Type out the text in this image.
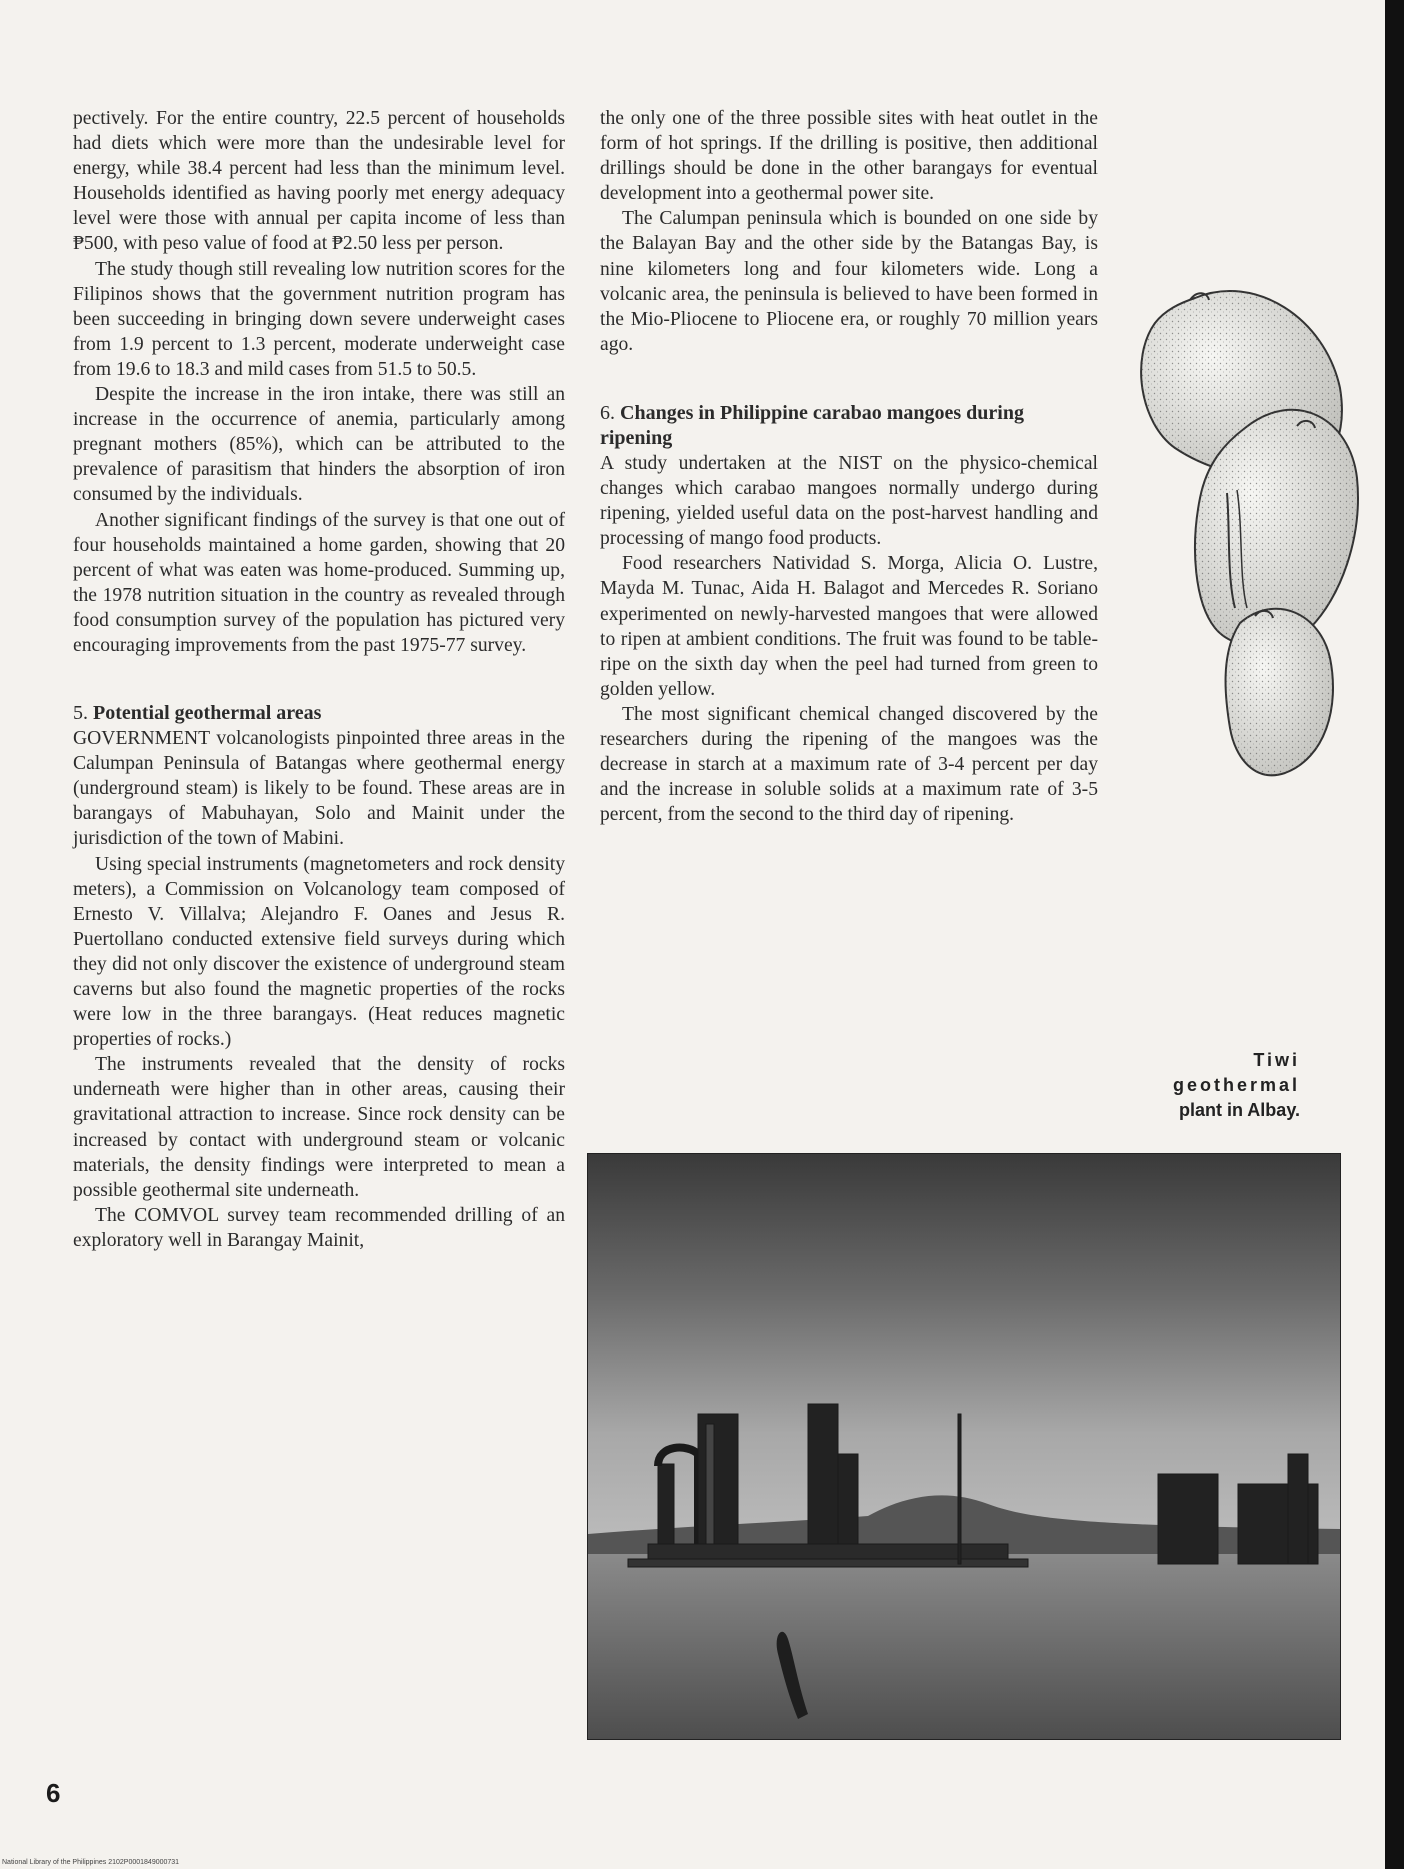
pectively. For the entire country, 22.5 percent of households had diets which were more than the undesirable level for energy, while 38.4 percent had less than the minimum level. Households identified as having poorly met energy adequacy level were those with annual per capita income of less than ₱500, with peso value of food at ₱2.50 less per person.

The study though still revealing low nutrition scores for the Filipinos shows that the government nutrition program has been succeeding in bringing down severe underweight cases from 1.9 percent to 1.3 percent, moderate underweight case from 19.6 to 18.3 and mild cases from 51.5 to 50.5.

Despite the increase in the iron intake, there was still an increase in the occurrence of anemia, particularly among pregnant mothers (85%), which can be attributed to the prevalence of parasitism that hinders the absorption of iron consumed by the individuals.

Another significant findings of the survey is that one out of four households maintained a home garden, showing that 20 percent of what was eaten was home-produced. Summing up, the 1978 nutrition situation in the country as revealed through food consumption survey of the population has pictured very encouraging improvements from the past 1975-77 survey.

5. Potential geothermal areas

GOVERNMENT volcanologists pinpointed three areas in the Calumpan Peninsula of Batangas where geothermal energy (underground steam) is likely to be found. These areas are in barangays of Mabuhayan, Solo and Mainit under the jurisdiction of the town of Mabini.

Using special instruments (magnetometers and rock density meters), a Commission on Volcanology team composed of Ernesto V. Villalva; Alejandro F. Oanes and Jesus R. Puertollano conducted extensive field surveys during which they did not only discover the existence of underground steam caverns but also found the magnetic properties of the rocks were low in the three barangays. (Heat reduces magnetic properties of rocks.)

The instruments revealed that the density of rocks underneath were higher than in other areas, causing their gravitational attraction to increase. Since rock density can be increased by contact with underground steam or volcanic materials, the density findings were interpreted to mean a possible geothermal site underneath.

The COMVOL survey team recommended drilling of an exploratory well in Barangay Mainit,

the only one of the three possible sites with heat outlet in the form of hot springs. If the drilling is positive, then additional drillings should be done in the other barangays for eventual development into a geothermal power site.

The Calumpan peninsula which is bounded on one side by the Balayan Bay and the other side by the Batangas Bay, is nine kilometers long and four kilometers wide. Long a volcanic area, the peninsula is believed to have been formed in the Mio-Pliocene to Pliocene era, or roughly 70 million years ago.

6. Changes in Philippine carabao mangoes during ripening

A study undertaken at the NIST on the physico-chemical changes which carabao mangoes normally undergo during ripening, yielded useful data on the post-harvest handling and processing of mango food products.

Food researchers Natividad S. Morga, Alicia O. Lustre, Mayda M. Tunac, Aida H. Balagot and Mercedes R. Soriano experimented on newly-harvested mangoes that were allowed to ripen at ambient conditions. The fruit was found to be table-ripe on the sixth day when the peel had turned from green to golden yellow.

The most significant chemical changed discovered by the researchers during the ripening of the mangoes was the decrease in starch at a maximum rate of 3-4 percent per day and the increase in soluble solids at a maximum rate of 3-5 percent, from the second to the third day of ripening.

Tiwi
geothermal
plant in Albay.
6
National Library of the Philippines 2102P0001849000731
